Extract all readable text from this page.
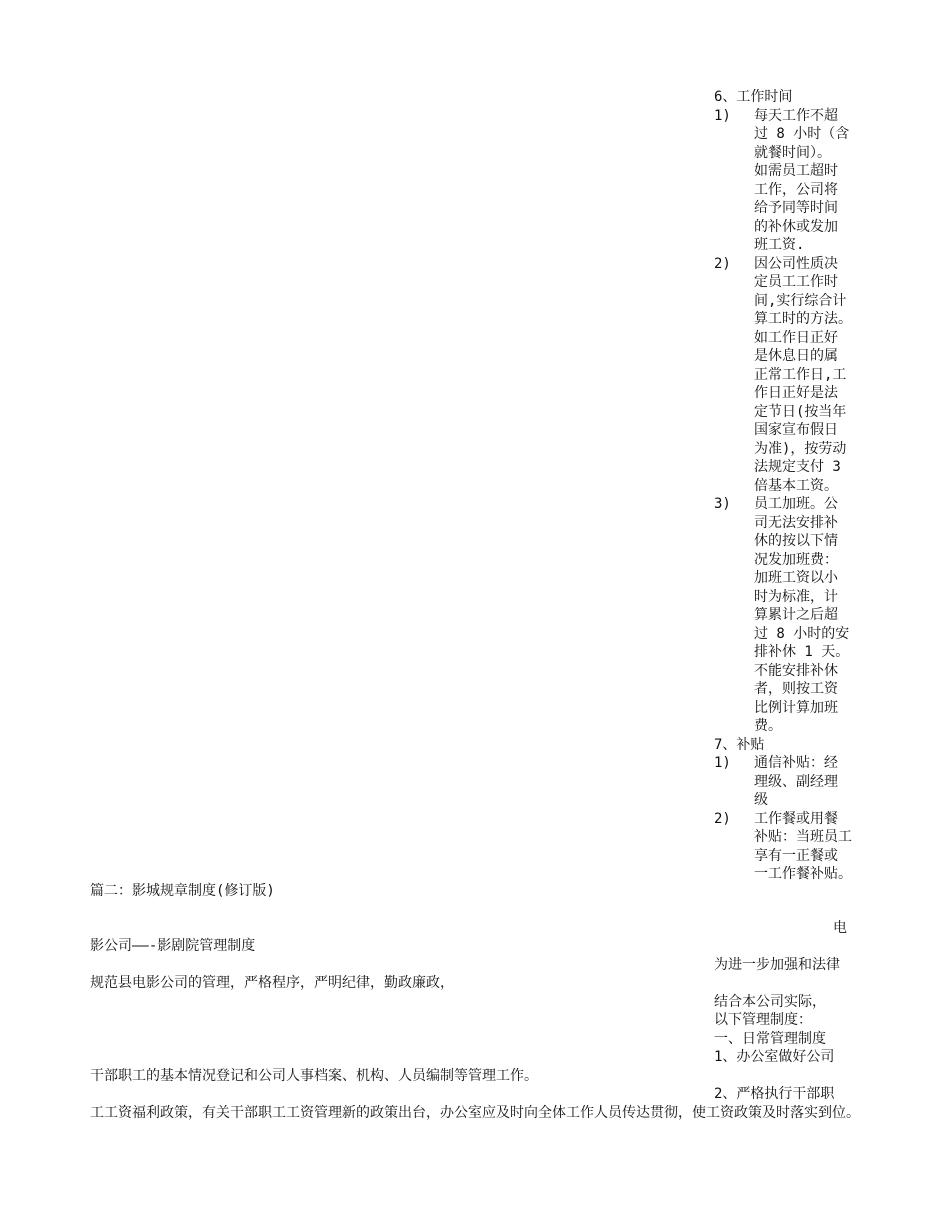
6、工作时间
1) 每天工作不超
过 8 小时（含
就餐时间）。
如需员工超时
工作，公司将
给予同等时间
的补休或发加
班工资.
2) 因公司性质决
定员工工作时
间,实行综合计
算工时的方法。
如工作日正好
是休息日的属
正常工作日,工
作日正好是法
定节日(按当年
国家宣布假日
为准)，按劳动
法规定支付 3
倍基本工资。
3) 员工加班。公
司无法安排补
休的按以下情
况发加班费：
加班工资以小
时为标准，计
算累计之后超
过 8 小时的安
排补休 1 天。
不能安排补休
者，则按工资
比例计算加班
费。
7、补贴
1) 通信补贴：经
理级、副经理
级
2) 工作餐或用餐
补贴：当班员工
享有一正餐或
一工作餐补贴。
篇二：影城规章制度(修订版)
电
影公司——-影剧院管理制度
为进一步加强和法律
规范县电影公司的管理，严格程序，严明纪律，勤政廉政，
结合本公司实际，
以下管理制度：
一、日常管理制度
1、办公室做好公司
干部职工的基本情况登记和公司人事档案、机构、人员编制等管理工作。
2、严格执行干部职
工工资福利政策，有关干部职工工资管理新的政策出台，办公室应及时向全体工作人员传达贯彻，使工资政策及时落实到位。
